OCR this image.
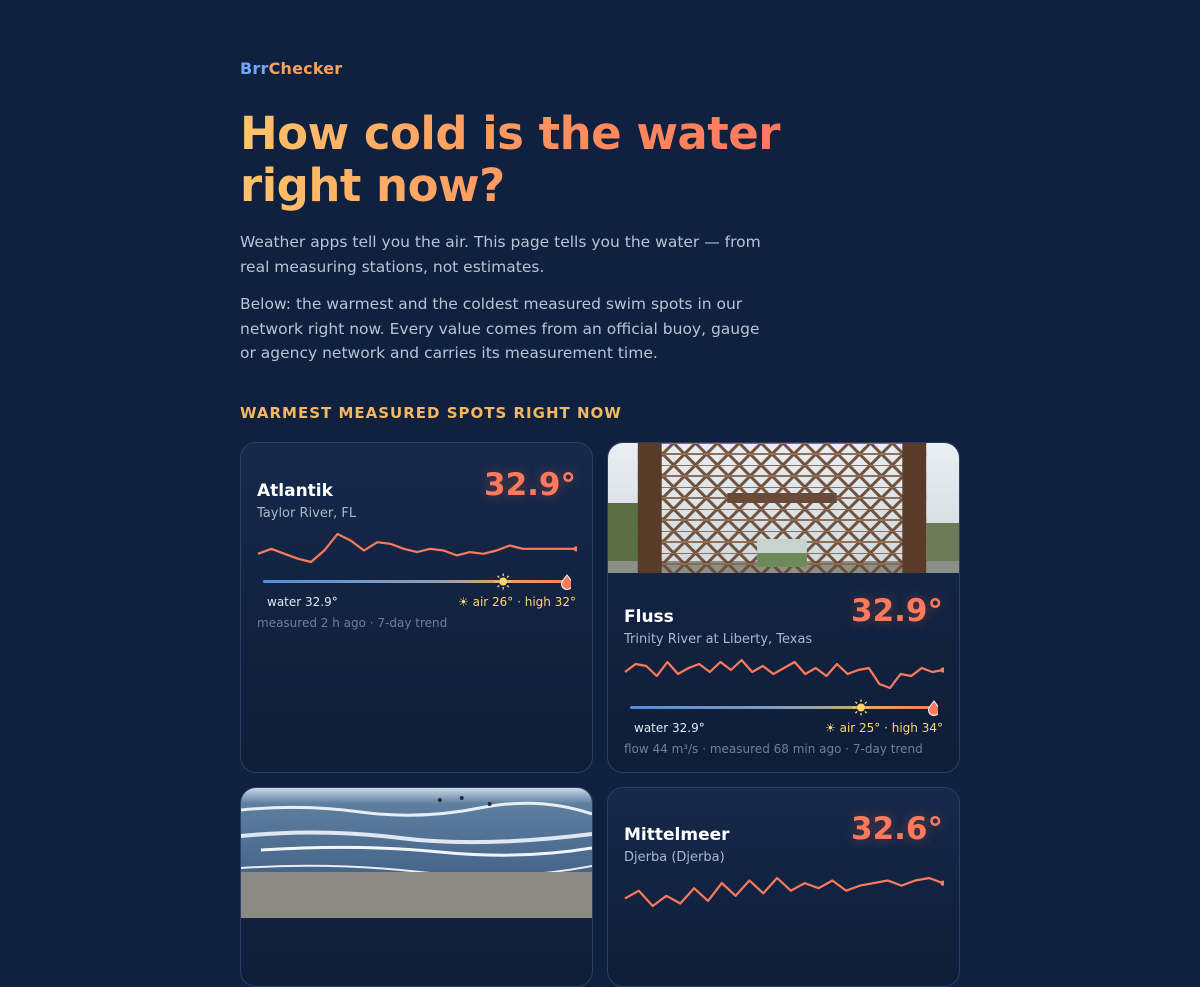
BrrChecker
How cold is the water right now?

Weather apps tell you the air. This page tells you the water — from real measuring stations, not estimates.

Below: the warmest and the coldest measured swim spots in our network right now. Every value comes from an official buoy, gauge or agency network and carries its measurement time.

WARMEST MEASURED SPOTS RIGHT NOW
Atlantik
Taylor River, FL
32.9°
water 32.9°	☀ air 26° · high 32°
measured 2 h ago · 7-day trend	Fluss
Trinity River at Liberty, Texas
32.9°
water 32.9°	☀ air 25° · high 34°
flow 44 m³/s · measured 68 min ago · 7-day trend
Mittelmeer
Djerba (Djerba)
32.6°
